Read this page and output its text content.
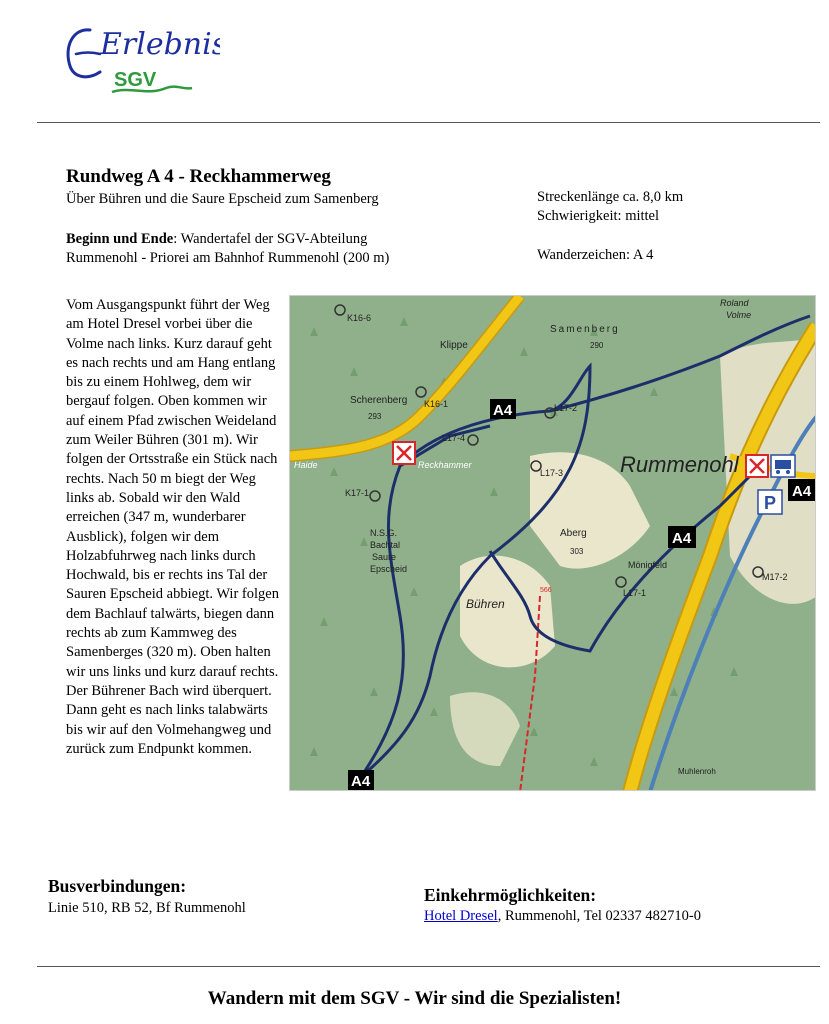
Erlebnis
SGV
Rundweg A 4 - Reckhammerweg
Über Bühren und die Saure Epscheid zum Samenberg	Streckenlänge ca. 8,0 km
Schwierigkeit: mittel
Beginn und Ende: Wandertafel der SGV-Abteilung
Rummenohl - Priorei am Bahnhof Rummenohl (200 m)	Wanderzeichen: A 4
Vom Ausgangspunkt führt der Weg am Hotel Dresel vorbei über die Volme nach links. Kurz darauf geht es nach rechts und am Hang entlang bis zu einem Hohlweg, dem wir bergauf folgen. Oben kommen wir auf einem Pfad zwischen Weideland zum Weiler Bühren (301 m). Wir folgen der Ortsstraße ein Stück nach rechts. Nach 50 m biegt der Weg links ab. Sobald wir den Wald erreichen (347 m, wunderbarer Ausblick), folgen wir dem Holzabfuhrweg nach links durch Hochwald, bis er rechts ins Tal der Sauren Epscheid abbiegt. Wir folgen dem Bachlauf talwärts, biegen dann rechts ab zum Kammweg des Samenberges (320 m). Oben halten wir uns links und kurz darauf rechts. Der Bührener Bach wird überquert. Dann geht es nach links talabwärts bis wir auf den Volmehangweg und zurück zum Endpunkt kommen.
P
A4
A4
A4
A4
K16-6
Klippe
Samenberg
290
Roland
Volme
Scherenberg
293
K16-1	L17-2
L17-4
Haide	Reckhammer
L17-3
K17-1
Rummenohl
Aberg
303
N.S.G.
Bachtal
Saure
Epscheid	Mönigfeld
L17-1
M17-2
Bühren
566
Muhlenroh
Busverbindungen:
Linie 510, RB 52, Bf Rummenohl
Einkehrmöglichkeiten:
Hotel Dresel, Rummenohl, Tel 02337 482710-0
Wandern mit dem SGV - Wir sind die Spezialisten!
